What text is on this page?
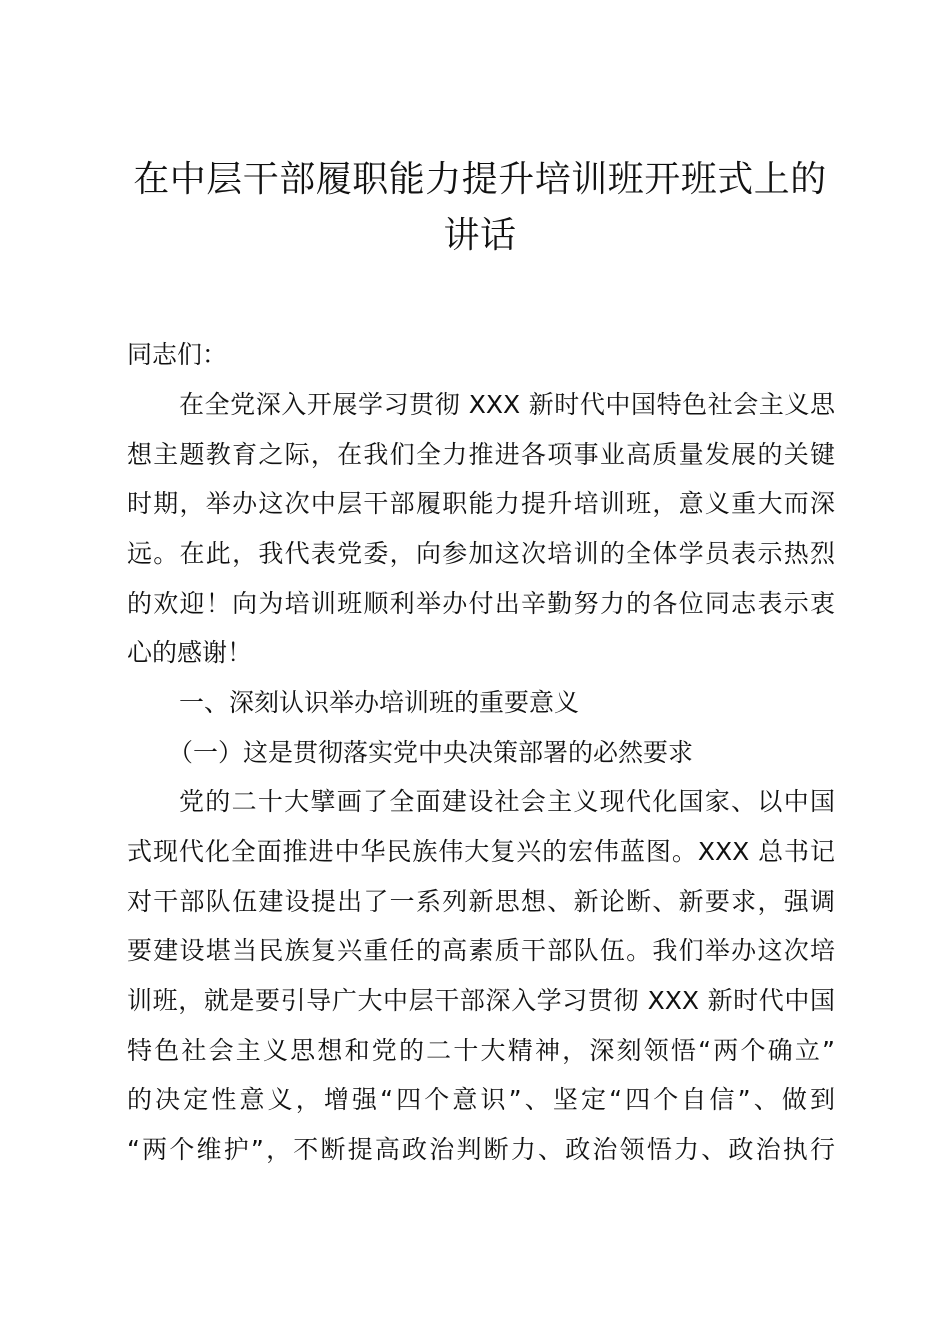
在中层干部履职能力提升培训班开班式上的讲话

同志们：

在全党深入开展学习贯彻 XXX 新时代中国特色社会主义思

想主题教育之际，在我们全力推进各项事业高质量发展的关键

时期，举办这次中层干部履职能力提升培训班，意义重大而深

远。在此，我代表党委，向参加这次培训的全体学员表示热烈

的欢迎！向为培训班顺利举办付出辛勤努力的各位同志表示衷

心的感谢！

一、深刻认识举办培训班的重要意义

（一）这是贯彻落实党中央决策部署的必然要求

党的二十大擘画了全面建设社会主义现代化国家、以中国

式现代化全面推进中华民族伟大复兴的宏伟蓝图。XXX 总书记

对干部队伍建设提出了一系列新思想、新论断、新要求，强调

要建设堪当民族复兴重任的高素质干部队伍。我们举办这次培

训班，就是要引导广大中层干部深入学习贯彻 XXX 新时代中国

特色社会主义思想和党的二十大精神，深刻领悟“两个确立”

的决定性意义，增强“四个意识”、坚定“四个自信”、做到

“两个维护”，不断提高政治判断力、政治领悟力、政治执行
